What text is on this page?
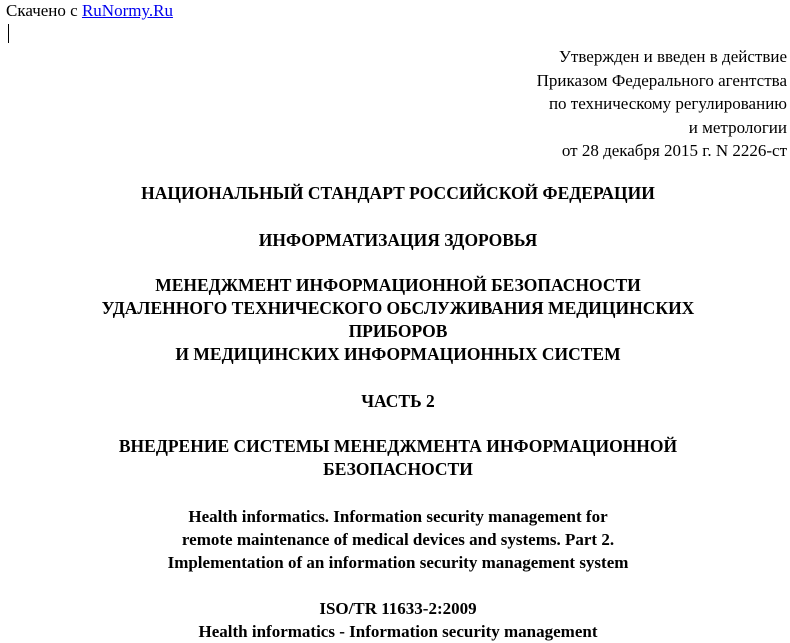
Скачено с RuNormy.Ru
Утвержден и введен в действие
Приказом Федерального агентства
по техническому регулированию
и метрологии
от 28 декабря 2015 г. N 2226-ст
НАЦИОНАЛЬНЫЙ СТАНДАРТ РОССИЙСКОЙ ФЕДЕРАЦИИ
ИНФОРМАТИЗАЦИЯ ЗДОРОВЬЯ
МЕНЕДЖМЕНТ ИНФОРМАЦИОННОЙ БЕЗОПАСНОСТИ
УДАЛЕННОГО ТЕХНИЧЕСКОГО ОБСЛУЖИВАНИЯ МЕДИЦИНСКИХ
ПРИБОРОВ
И МЕДИЦИНСКИХ ИНФОРМАЦИОННЫХ СИСТЕМ
ЧАСТЬ 2
ВНЕДРЕНИЕ СИСТЕМЫ МЕНЕДЖМЕНТА ИНФОРМАЦИОННОЙ
БЕЗОПАСНОСТИ
Health informatics. Information security management for
remote maintenance of medical devices and systems. Part 2.
Implementation of an information security management system
ISO/TR 11633-2:2009
Health informatics - Information security management
